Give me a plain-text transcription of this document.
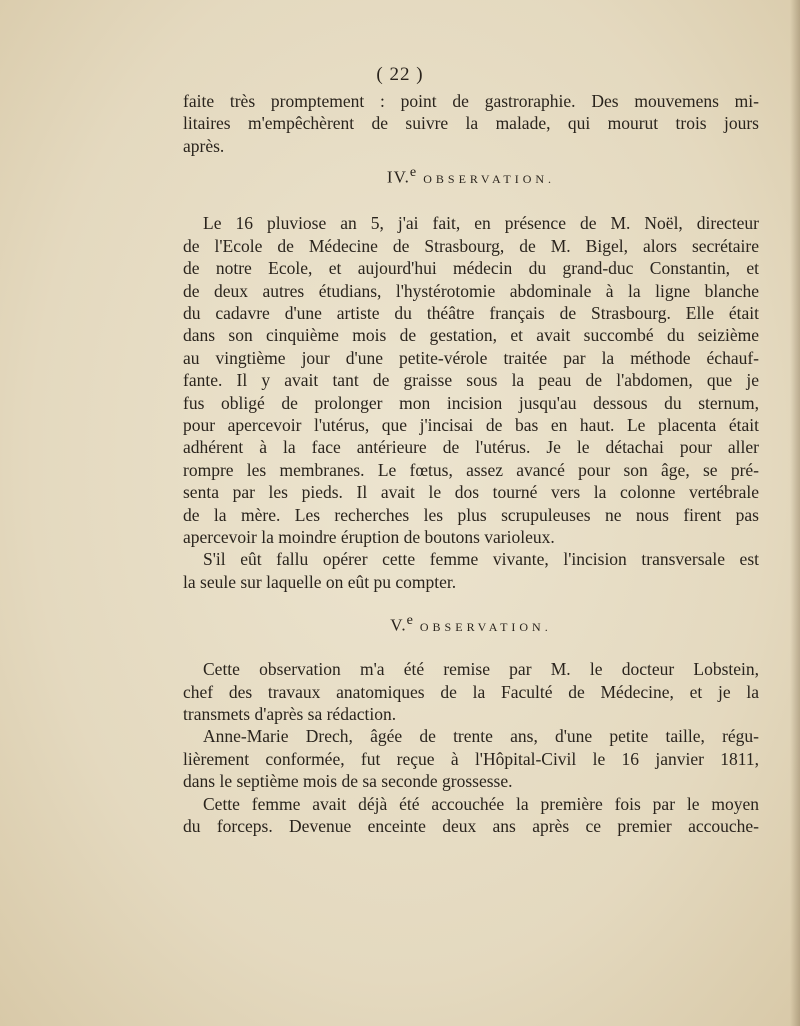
( 22 )
faite très promptement : point de gastroraphie. Des mouvemens mi-
litaires m'empêchèrent de suivre la malade, qui mourut trois jours
après.
IV.$^e$ OBSERVATION.
Le 16 pluviose an 5, j'ai fait, en présence de M. Noël, directeur
de l'Ecole de Médecine de Strasbourg, de M. Bigel, alors secrétaire
de notre Ecole, et aujourd'hui médecin du grand-duc Constantin, et
de deux autres étudians, l'hystérotomie abdominale à la ligne blanche
du cadavre d'une artiste du théâtre français de Strasbourg. Elle était
dans son cinquième mois de gestation, et avait succombé du seizième
au vingtième jour d'une petite-vérole traitée par la méthode échauf-
fante. Il y avait tant de graisse sous la peau de l'abdomen, que je
fus obligé de prolonger mon incision jusqu'au dessous du sternum,
pour apercevoir l'utérus, que j'incisai de bas en haut. Le placenta était
adhérent à la face antérieure de l'utérus. Je le détachai pour aller
rompre les membranes. Le fœtus, assez avancé pour son âge, se pré-
senta par les pieds. Il avait le dos tourné vers la colonne vertébrale
de la mère. Les recherches les plus scrupuleuses ne nous firent pas
apercevoir la moindre éruption de boutons varioleux.
S'il eût fallu opérer cette femme vivante, l'incision transversale est
la seule sur laquelle on eût pu compter.
V.$^e$ OBSERVATION.
Cette observation m'a été remise par M. le docteur Lobstein,
chef des travaux anatomiques de la Faculté de Médecine, et je la
transmets d'après sa rédaction.
Anne-Marie Drech, âgée de trente ans, d'une petite taille, régu-
lièrement conformée, fut reçue à l'Hôpital-Civil le 16 janvier 1811,
dans le septième mois de sa seconde grossesse.
Cette femme avait déjà été accouchée la première fois par le moyen
du forceps. Devenue enceinte deux ans après ce premier accouche-
